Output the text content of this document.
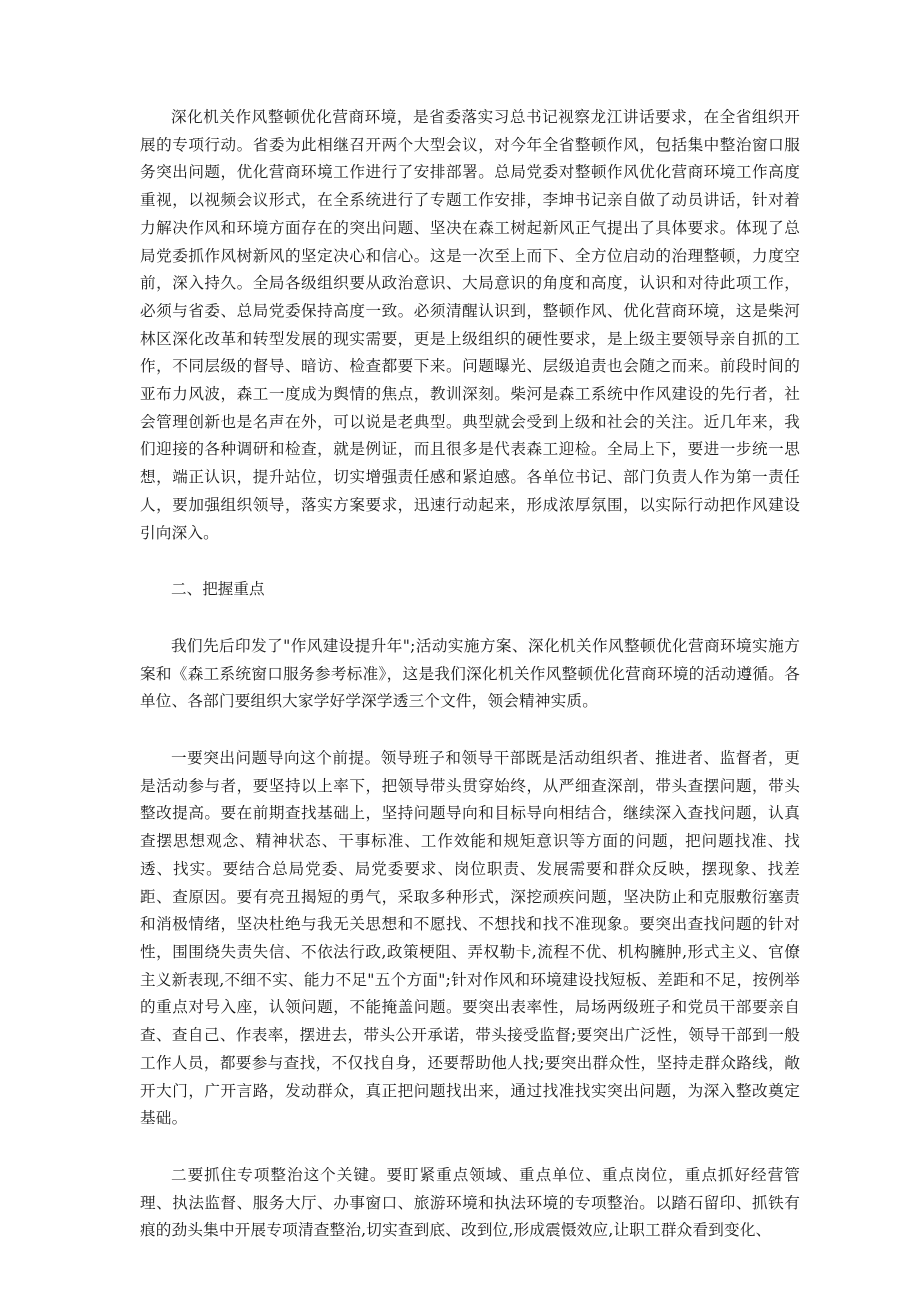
深化机关作风整顿优化营商环境，是省委落实习总书记视察龙江讲话要求，在全省组织开展的专项行动。省委为此相继召开两个大型会议，对今年全省整顿作风，包括集中整治窗口服务突出问题，优化营商环境工作进行了安排部署。总局党委对整顿作风优化营商环境工作高度重视，以视频会议形式，在全系统进行了专题工作安排，李坤书记亲自做了动员讲话，针对着力解决作风和环境方面存在的突出问题、坚决在森工树起新风正气提出了具体要求。体现了总局党委抓作风树新风的坚定决心和信心。这是一次至上而下、全方位启动的治理整顿，力度空前，深入持久。全局各级组织要从政治意识、大局意识的角度和高度，认识和对待此项工作，必须与省委、总局党委保持高度一致。必须清醒认识到，整顿作风、优化营商环境，这是柴河林区深化改革和转型发展的现实需要，更是上级组织的硬性要求，是上级主要领导亲自抓的工作，不同层级的督导、暗访、检查都要下来。问题曝光、层级追责也会随之而来。前段时间的亚布力风波，森工一度成为舆情的焦点，教训深刻。柴河是森工系统中作风建设的先行者，社会管理创新也是名声在外，可以说是老典型。典型就会受到上级和社会的关注。近几年来，我们迎接的各种调研和检查，就是例证，而且很多是代表森工迎检。全局上下，要进一步统一思想，端正认识，提升站位，切实增强责任感和紧迫感。各单位书记、部门负责人作为第一责任人，要加强组织领导，落实方案要求，迅速行动起来，形成浓厚氛围，以实际行动把作风建设引向深入。

二、把握重点

我们先后印发了"作风建设提升年";活动实施方案、深化机关作风整顿优化营商环境实施方案和《森工系统窗口服务参考标准》，这是我们深化机关作风整顿优化营商环境的活动遵循。各单位、各部门要组织大家学好学深学透三个文件，领会精神实质。

一要突出问题导向这个前提。领导班子和领导干部既是活动组织者、推进者、监督者，更是活动参与者，要坚持以上率下，把领导带头贯穿始终，从严细查深剖，带头查摆问题，带头整改提高。要在前期查找基础上，坚持问题导向和目标导向相结合，继续深入查找问题，认真查摆思想观念、精神状态、干事标准、工作效能和规矩意识等方面的问题，把问题找准、找透、找实。要结合总局党委、局党委要求、岗位职责、发展需要和群众反映，摆现象、找差距、查原因。要有亮丑揭短的勇气，采取多种形式，深挖顽疾问题，坚决防止和克服敷衍塞责和消极情绪，坚决杜绝与我无关思想和不愿找、不想找和找不准现象。要突出查找问题的针对性，围围绕失责失信、不依法行政,政策梗阻、弄权勒卡,流程不优、机构臃肿,形式主义、官僚主义新表现,不细不实、能力不足"五个方面";针对作风和环境建设找短板、差距和不足，按例举的重点对号入座，认领问题，不能掩盖问题。要突出表率性，局场两级班子和党员干部要亲自查、查自己、作表率，摆进去，带头公开承诺，带头接受监督;要突出广泛性，领导干部到一般工作人员，都要参与查找，不仅找自身，还要帮助他人找;要突出群众性，坚持走群众路线，敞开大门，广开言路，发动群众，真正把问题找出来，通过找准找实突出问题，为深入整改奠定基础。

二要抓住专项整治这个关键。要盯紧重点领域、重点单位、重点岗位，重点抓好经营管理、执法监督、服务大厅、办事窗口、旅游环境和执法环境的专项整治。以踏石留印、抓铁有痕的劲头集中开展专项清查整治,切实查到底、改到位,形成震慑效应,让职工群众看到变化、
